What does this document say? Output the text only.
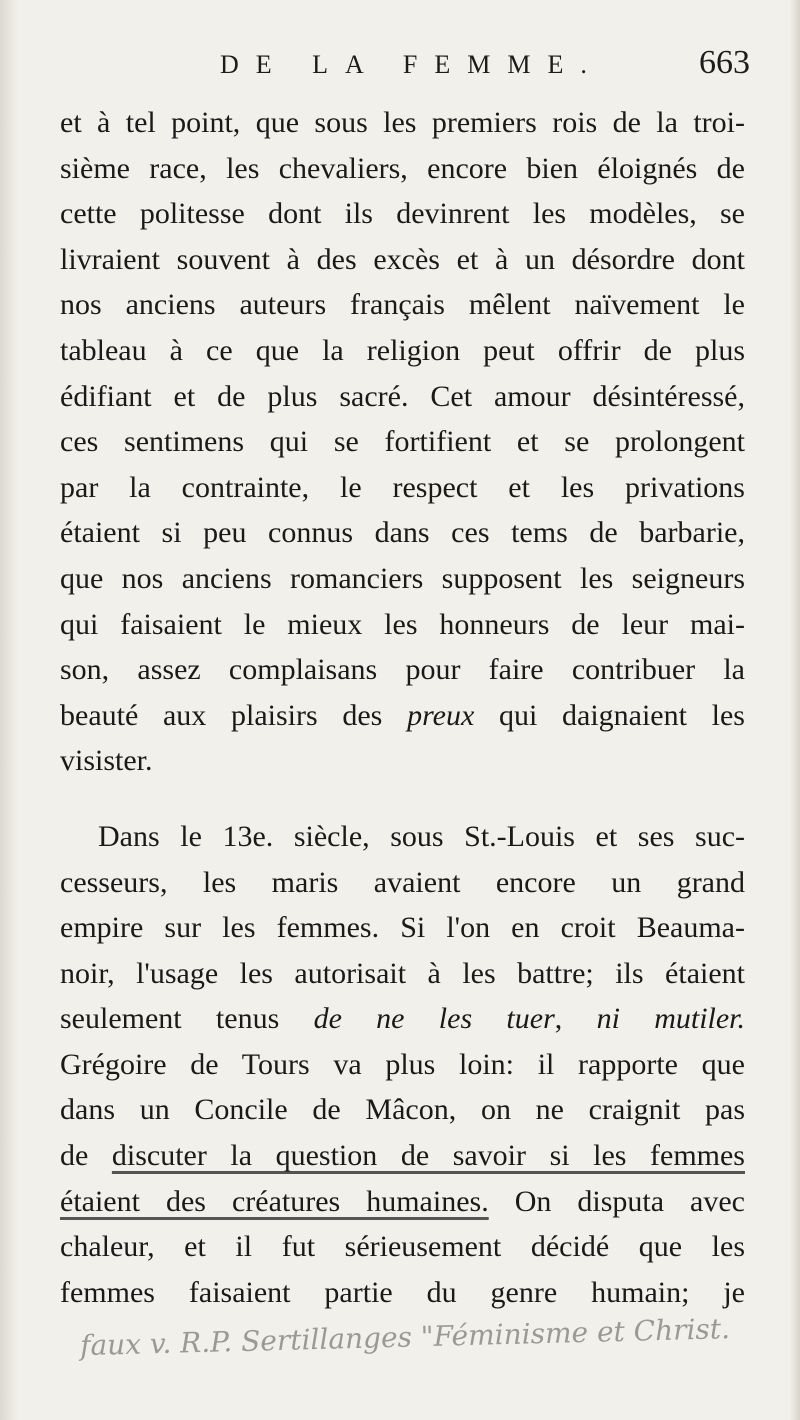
DE LA FEMME.	663
et à tel point, que sous les premiers rois de la troi-
sième race, les chevaliers, encore bien éloignés de
cette politesse dont ils devinrent les modèles, se
livraient souvent à des excès et à un désordre dont
nos anciens auteurs français mêlent naïvement le
tableau à ce que la religion peut offrir de plus
édifiant et de plus sacré. Cet amour désintéressé,
ces sentimens qui se fortifient et se prolongent
par la contrainte, le respect et les privations
étaient si peu connus dans ces tems de barbarie,
que nos anciens romanciers supposent les seigneurs
qui faisaient le mieux les honneurs de leur mai-
son, assez complaisans pour faire contribuer la
beauté aux plaisirs des preux qui daignaient les
visister.
Dans le 13e. siècle, sous St.-Louis et ses suc-
cesseurs, les maris avaient encore un grand
empire sur les femmes. Si l'on en croit Beauma-
noir, l'usage les autorisait à les battre; ils étaient
seulement tenus de ne les tuer, ni mutiler.
Grégoire de Tours va plus loin: il rapporte que
dans un Concile de Mâcon, on ne craignit pas
de discuter la question de savoir si les femmes
étaient des créatures humaines. On disputa avec
chaleur, et il fut sérieusement décidé que les
femmes faisaient partie du genre humain; je
faux v. R.P. Sertillanges "Féminisme et Christ.
